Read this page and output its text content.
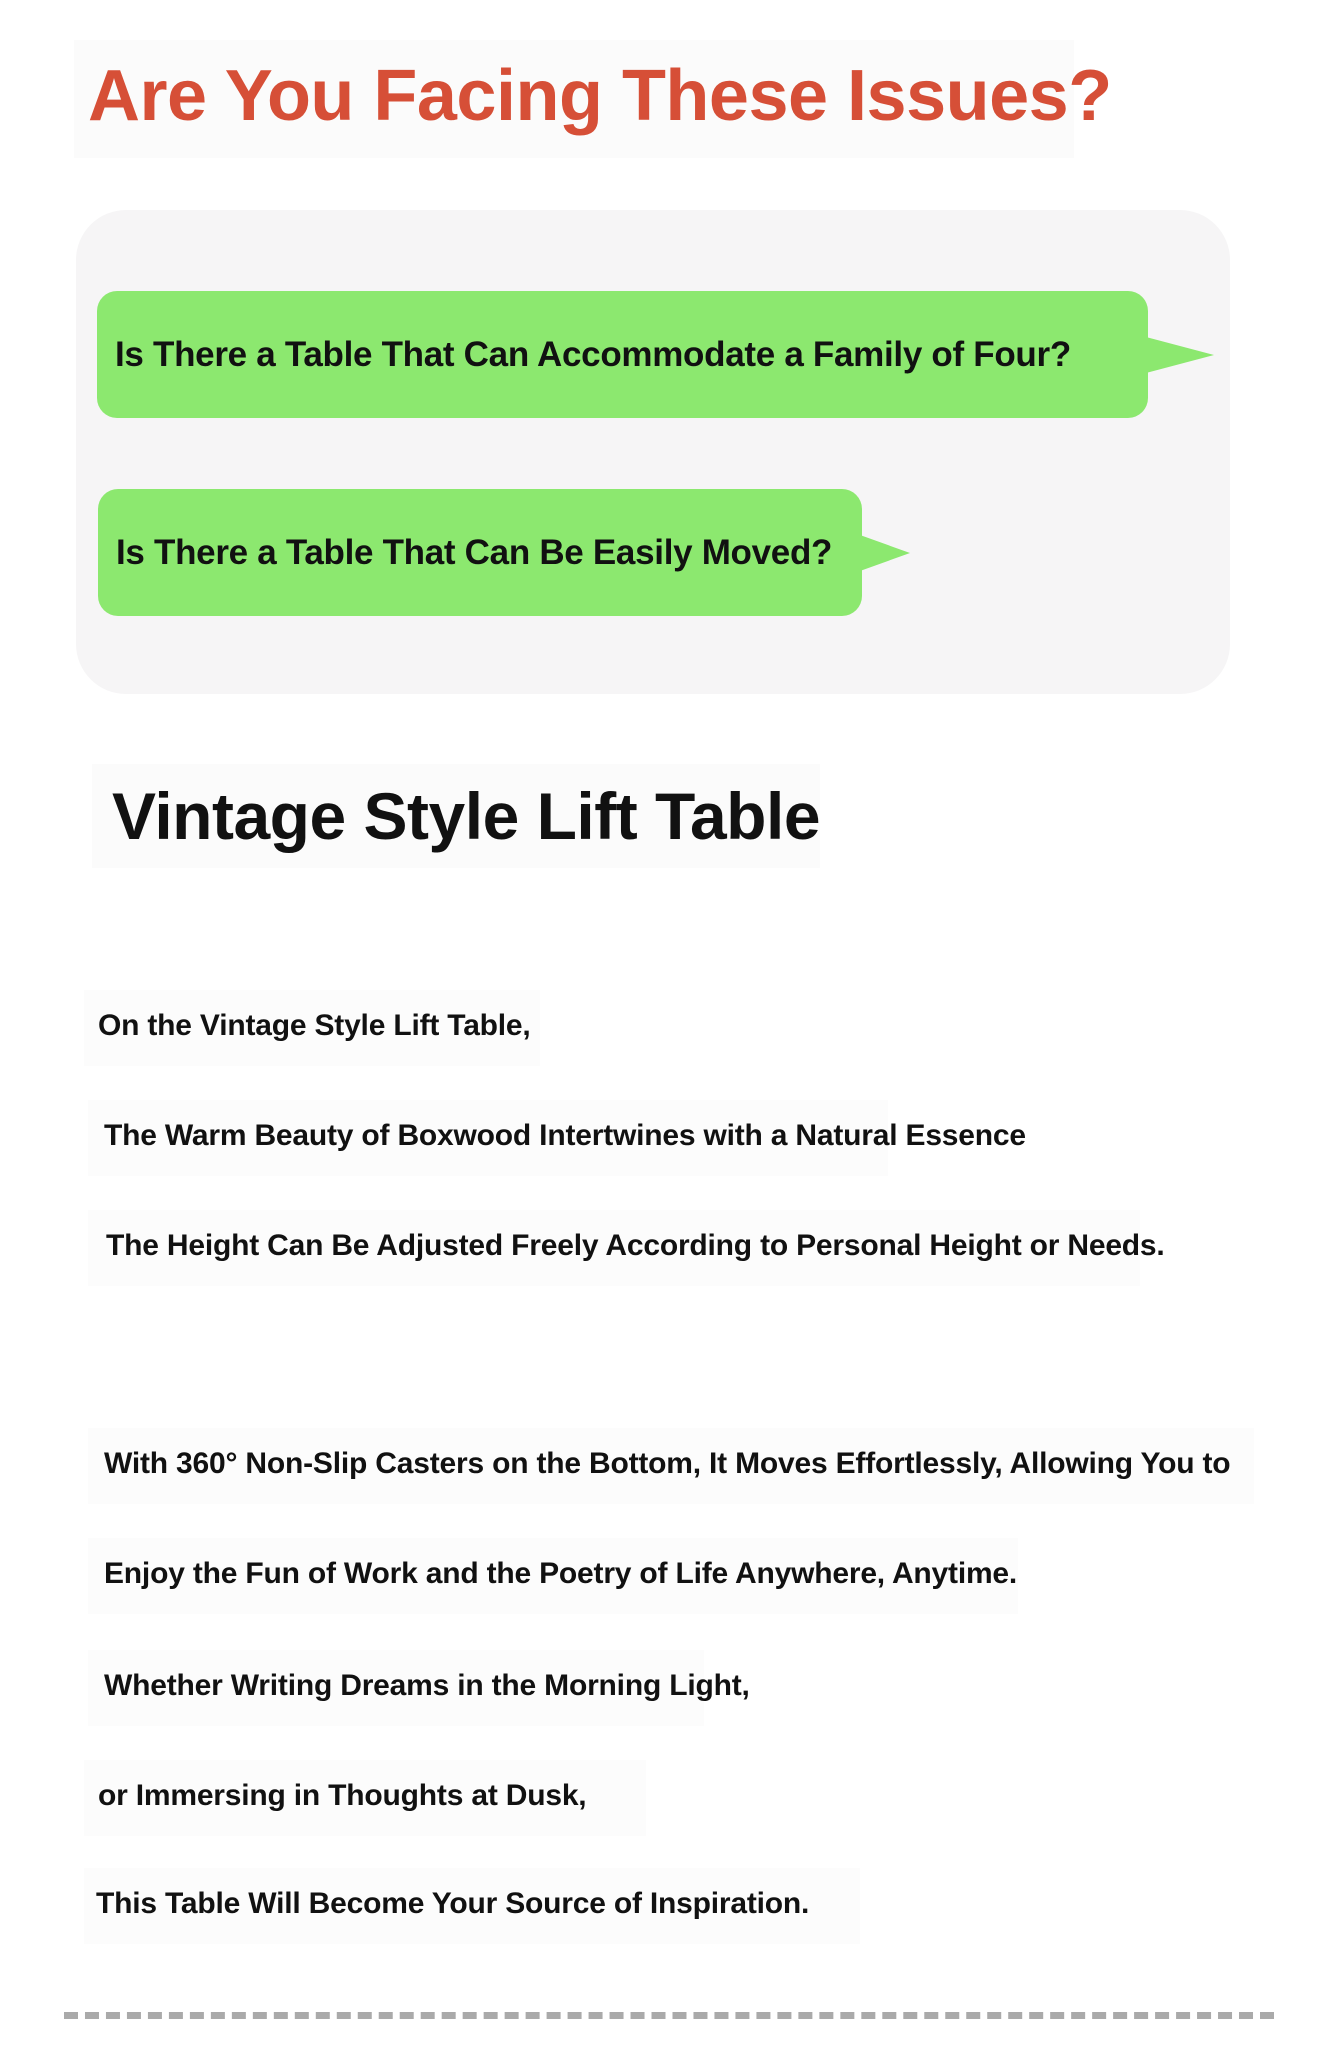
Are You Facing These Issues?
Is There a Table That Can Accommodate a Family of Four?
Is There a Table That Can Be Easily Moved?
Vintage Style Lift Table

On the Vintage Style Lift Table,

The Warm Beauty of Boxwood Intertwines with a Natural Essence

The Height Can Be Adjusted Freely According to Personal Height or Needs.

With 360° Non-Slip Casters on the Bottom, It Moves Effortlessly, Allowing You to

Enjoy the Fun of Work and the Poetry of Life Anywhere, Anytime.

Whether Writing Dreams in the Morning Light,

or Immersing in Thoughts at Dusk,

This Table Will Become Your Source of Inspiration.
